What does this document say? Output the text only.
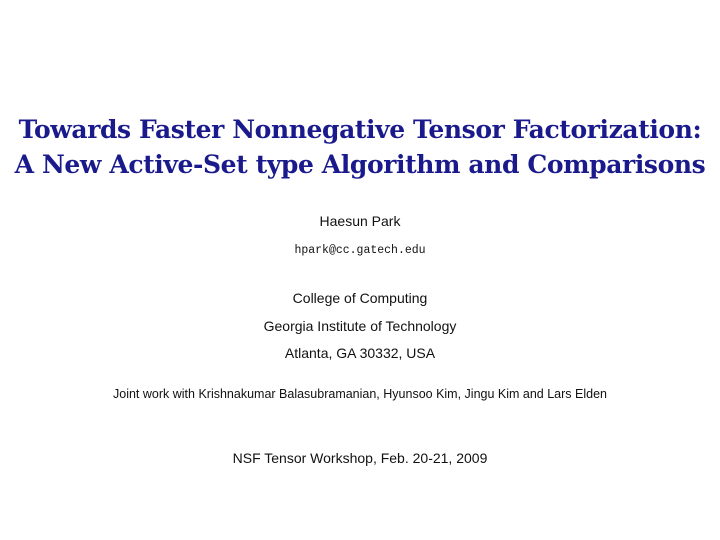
Towards Faster Nonnegative Tensor Factorization:
A New Active-Set type Algorithm and Comparisons
Haesun Park
hpark@cc.gatech.edu
College of Computing
Georgia Institute of Technology
Atlanta, GA 30332, USA
Joint work with Krishnakumar Balasubramanian, Hyunsoo Kim, Jingu Kim and Lars Elden
NSF Tensor Workshop, Feb. 20-21, 2009
